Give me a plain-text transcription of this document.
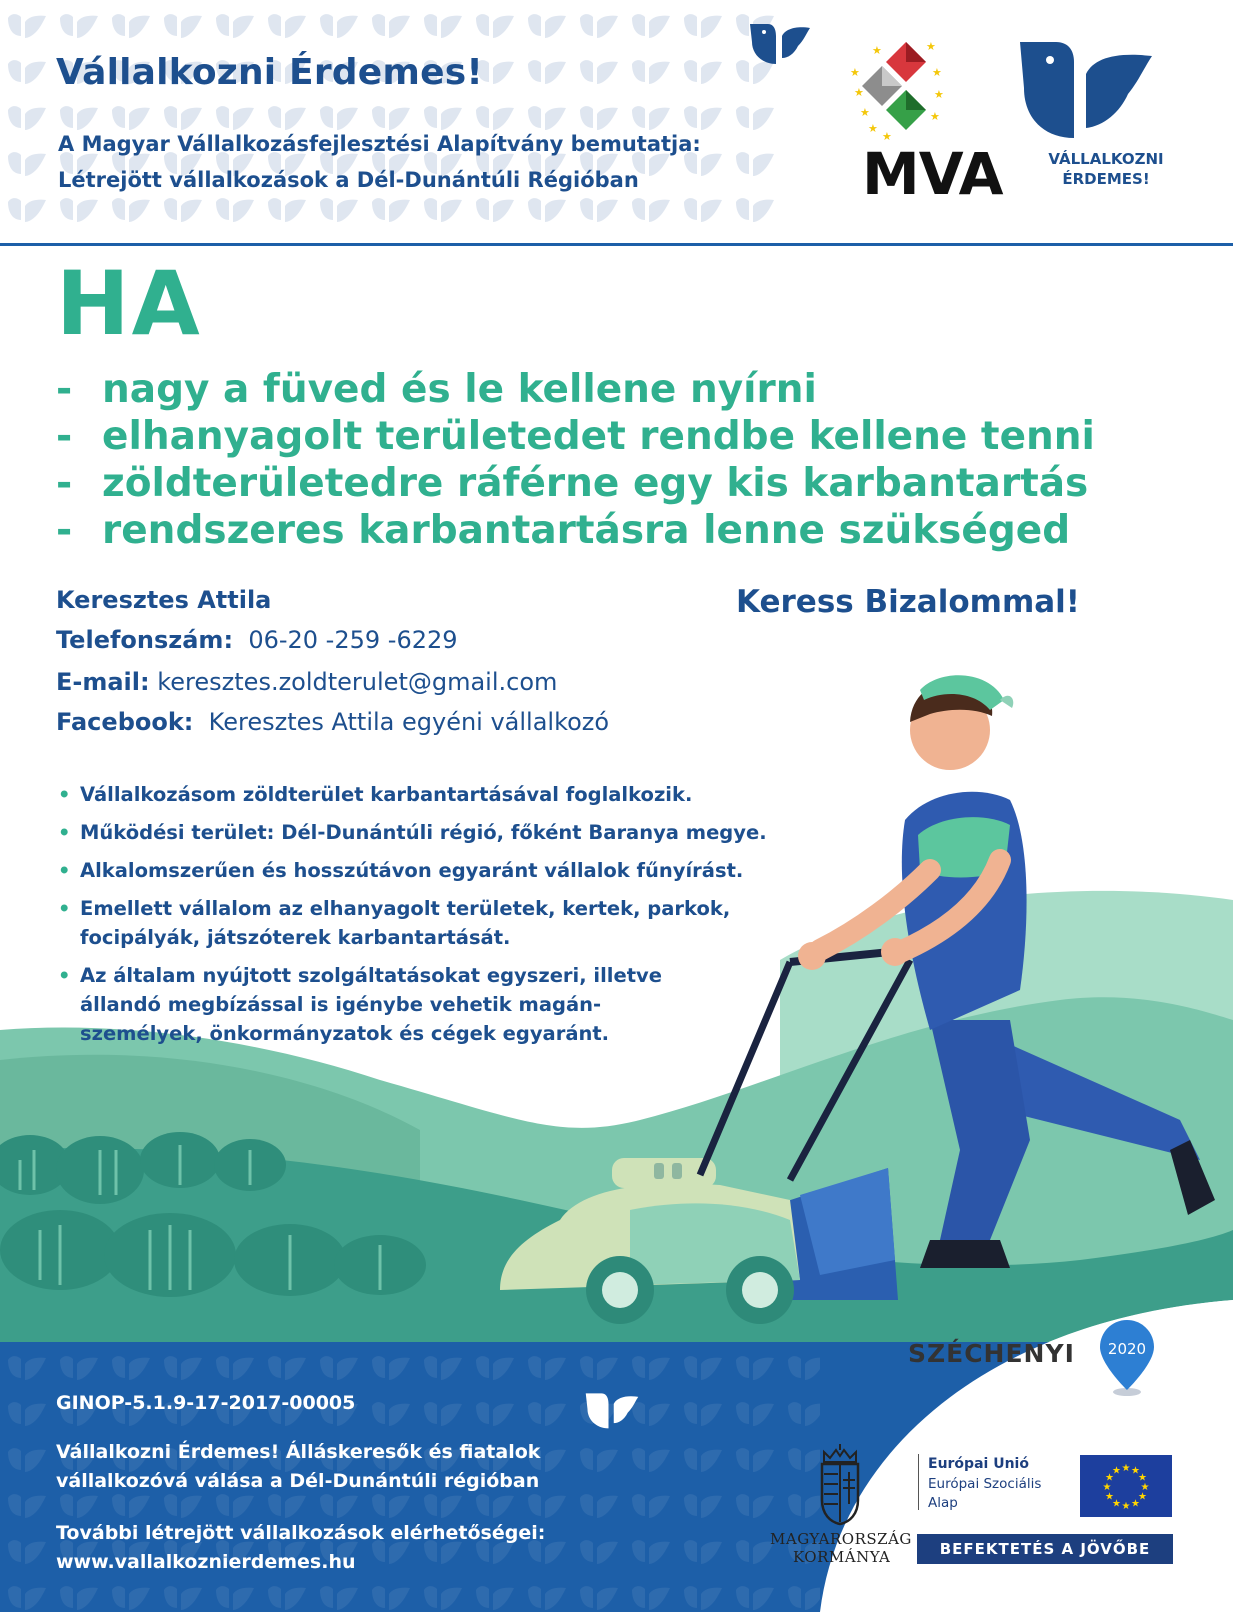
Vállalkozni Érdemes!
A Magyar Vállalkozásfejlesztési Alapítvány bemutatja:
Létrejött vállalkozások a Dél-Dunántúli Régióban
★
★
★
★
★
★
★
★
★	★
MVA	VÁLLALKOZNI
ÉRDEMES!
HA
- nagy a füved és le kellene nyírni
- elhanyagolt területedet rendbe kellene tenni
- zöldterületedre ráférne egy kis karbantartás
- rendszeres karbantartásra lenne szükséged
Keresztes Attila
Telefonszám: 06-20 -259 -6229
E-mail: keresztes.zoldterulet@gmail.com
Facebook: Keresztes Attila egyéni vállalkozó
Keress Bizalommal!
• Vállalkozásom zöldterület karbantartásával foglalkozik.
• Működési terület: Dél-Dunántúli régió, főként Baranya megye.
• Alkalomszerűen és hosszútávon egyaránt vállalok fűnyírást.
• Emellett vállalom az elhanyagolt területek, kertek, parkok, focipályák, játszóterek karbantartását.
• Az általam nyújtott szolgáltatásokat egyszeri, illetve állandó megbízással is igénybe vehetik magán-személyek, önkormányzatok és cégek egyaránt.
GINOP-5.1.9-17-2017-00005
Vállalkozni Érdemes! Álláskeresők és fiatalok
vállalkozóvá válása a Dél-Dunántúli régióban
További létrejött vállalkozások elérhetőségei:
www.vallalkoznierdemes.hu
SZÉCHENYI 2020
MAGYARORSZÁG
KORMÁNYA
Európai Unió
Európai Szociális
Alap
★
★
★
★
★
★
★
★
★ ★ ★
★
BEFEKTETÉS A JÖVŐBE
